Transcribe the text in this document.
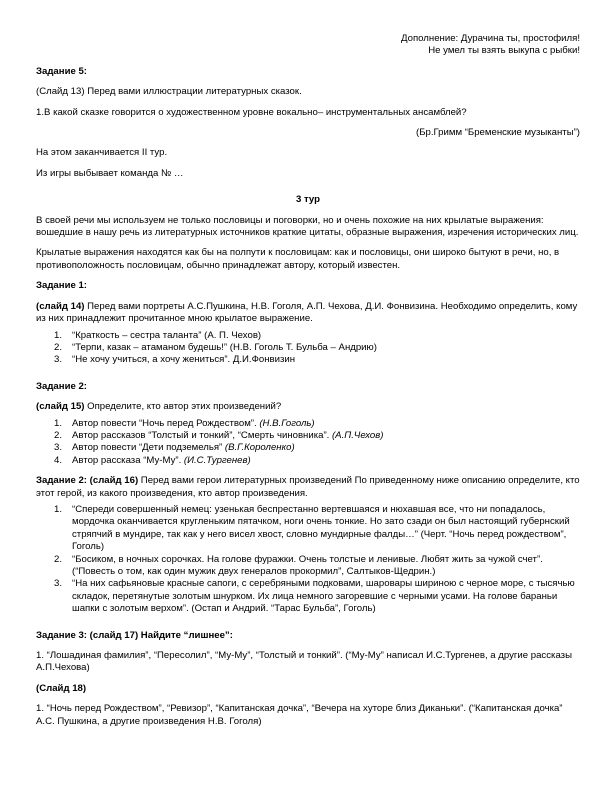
Дополнение: Дурачина ты, простофиля!
Не умел ты взять выкупа с рыбки!
Задание 5:
(Слайд 13) Перед вами иллюстрации литературных сказок.
1.В какой сказке говорится о художественном уровне вокально– инструментальных ансамблей?
(Бр.Гримм “Бременские музыканты”)
На этом заканчивается II тур.
Из игры выбывает команда № …
3 тур
В своей речи мы используем не только пословицы и поговорки, но и очень похожие на них крылатые выражения: вошедшие в нашу речь из литературных источников краткие цитаты, образные выражения, изречения исторических лиц.
Крылатые выражения находятся как бы на полпути к пословицам: как и пословицы, они широко бытуют в речи, но, в противоположность пословицам, обычно принадлежат автору, который известен.
Задание 1:
(слайд 14) Перед вами портреты А.С.Пушкина, Н.В. Гоголя, А.П. Чехова, Д.И. Фонвизина. Необходимо определить, кому из них принадлежит прочитанное мною крылатое выражение.
1. “Краткость – сестра таланта” (А. П. Чехов)
2. “Терпи, казак – атаманом будешь!” (Н.В. Гоголь Т. Бульба – Андрию)
3. “Не хочу учиться, а хочу жениться”. Д.И.Фонвизин
Задание 2:
(слайд 15) Определите, кто автор этих произведений?
1. Автор повести “Ночь перед Рождеством”. (Н.В.Гоголь)
2. Автор рассказов “Толстый и тонкий”, “Смерть чиновника”. (А.П.Чехов)
3. Автор повести “Дети подземелья” (В.Г.Короленко)
4. Автор рассказа “Му-Му”. (И.С.Тургенев)
Задание 2: (слайд 16) Перед вами герои литературных произведений По приведенному ниже описанию определите, кто этот герой, из какого произведения, кто автор произведения.
1. “Спереди совершенный немец: узенькая беспрестанно вертевшаяся и нюхавшая все, что ни попадалось, мордочка оканчивается кругленьким пятачком, ноги очень тонкие. Но зато сзади он был настоящий губернский стряпчий в мундире, так как у него висел хвост, словно мундирные фалды…” (Черт. “Ночь перед рождеством”, Гоголь)
2. “Босиком, в ночных сорочках. На голове фуражки. Очень толстые и ленивые. Любят жить за чужой счет”. (“Повесть о том, как один мужик двух генералов прокормил”, Салтыков-Щедрин.)
3. “На них сафьяновые красные сапоги, с серебряными подковами, шаровары шириною с черное море, с тысячью складок, перетянутые золотым шнурком. Их лица немного загоревшие с черными усами. На голове бараньи шапки с золотым верхом”. (Остап и Андрий. “Тарас Бульба”, Гоголь)
Задание 3: (слайд 17) Найдите “лишнее”:
1. “Лошадиная фамилия”, “Пересолил”, “Му-Му”, “Толстый и тонкий”. (“Му-Му” написал И.С.Тургенев, а другие рассказы А.П.Чехова)
(Слайд 18)
1. “Ночь перед Рождеством”, “Ревизор”, “Капитанская дочка”, “Вечера на хуторе близ Диканьки”. (“Капитанская дочка” А.С. Пушкина, а другие произведения Н.В. Гоголя)
